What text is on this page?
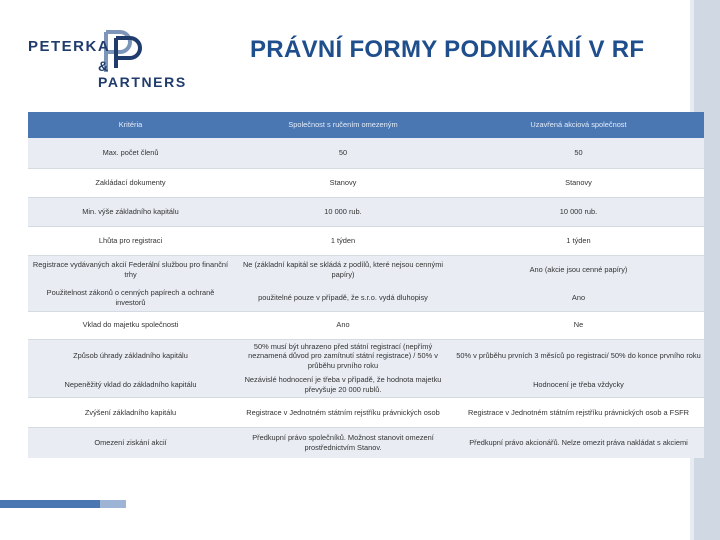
PETERKA
& PARTNERS
PRÁVNÍ FORMY PODNIKÁNÍ V RF
Kritéria	Společnost s ručením omezeným	Uzavřená akciová společnost
Max. počet členů	50	50
Zakládací dokumenty	Stanovy	Stanovy
Min. výše základního kapitálu	10 000 rub.	10 000 rub.
Lhůta pro registraci	1 týden	1 týden
Registrace vydávaných akcií Federální službou pro finanční trhy	Ne (základní kapitál se skládá z podílů, které nejsou cennými papíry)	Ano (akcie jsou cenné papíry)
Použitelnost zákonů o cenných papírech a ochraně investorů	použitelné pouze v případě, že s.r.o. vydá dluhopisy	Ano
Vklad do majetku společnosti	Ano	Ne
Způsob úhrady základního kapitálu	50% musí být uhrazeno před státní registrací (nepřímý neznamená důvod pro zamítnutí státní registrace) / 50% v průběhu prvního roku	50% v průběhu prvních 3 měsíců po registraci/ 50% do konce prvního roku
Nepeněžitý vklad do základního kapitálu	Nezávislé hodnocení je třeba v případě, že hodnota majetku převyšuje 20 000 rublů.	Hodnocení je třeba vždycky
Zvýšení základního kapitálu	Registrace v Jednotném státním rejstříku právnických osob	Registrace v Jednotném státním rejstříku právnických osob a FSFR
Omezení ziskání akcií	Předkupní právo společníků. Možnost stanovit omezení prostřednictvím Stanov.	Předkupní právo akcionářů. Nelze omezit práva nakládat s akciemi
